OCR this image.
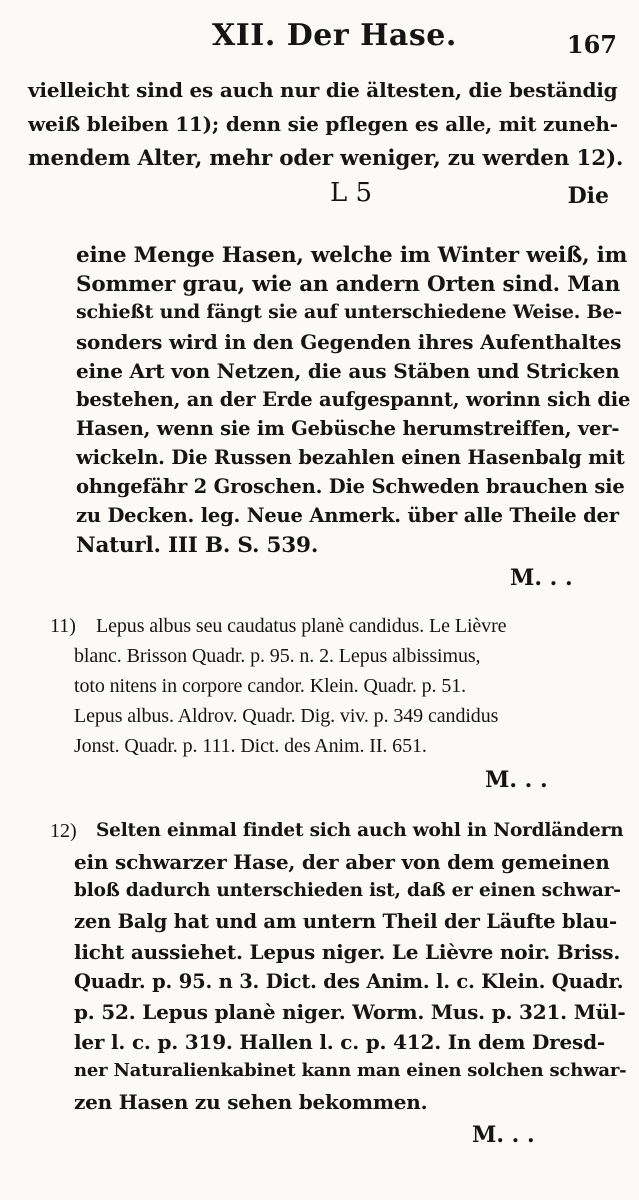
XII. Der Hase.	167
vielleicht sind es auch nur die ältesten, die beständig
weiß bleiben 11); denn sie pflegen es alle, mit zuneh-
mendem Alter, mehr oder weniger, zu werden 12).
L 5	Die
eine Menge Hasen, welche im Winter weiß, im
Sommer grau, wie an andern Orten sind. Man
schießt und fängt sie auf unterschiedene Weise. Be-
sonders wird in den Gegenden ihres Aufenthaltes
eine Art von Netzen, die aus Stäben und Stricken
bestehen, an der Erde aufgespannt, worinn sich die
Hasen, wenn sie im Gebüsche herumstreiffen, ver-
wickeln. Die Russen bezahlen einen Hasenbalg mit
ohngefähr 2 Groschen. Die Schweden brauchen sie
zu Decken. leg. Neue Anmerk. über alle Theile der
Naturl. III B. S. 539.
M. . .
11) Lepus albus seu caudatus planè candidus. Le Lièvre
blanc. Brisson Quadr. p. 95. n. 2. Lepus albissimus,
toto nitens in corpore candor. Klein. Quadr. p. 51.
Lepus albus. Aldrov. Quadr. Dig. viv. p. 349 candidus
Jonst. Quadr. p. 111. Dict. des Anim. II. 651.
M. . .
12) Selten einmal findet sich auch wohl in Nordländern
ein schwarzer Hase, der aber von dem gemeinen
bloß dadurch unterschieden ist, daß er einen schwar-
zen Balg hat und am untern Theil der Läufte blau-
licht aussiehet. Lepus niger. Le Lièvre noir. Briss.
Quadr. p. 95. n 3. Dict. des Anim. l. c. Klein. Quadr.
p. 52. Lepus planè niger. Worm. Mus. p. 321. Mül-
ler l. c. p. 319. Hallen l. c. p. 412. In dem Dresd-
ner Naturalienkabinet kann man einen solchen schwar-
zen Hasen zu sehen bekommen.
M. . .
